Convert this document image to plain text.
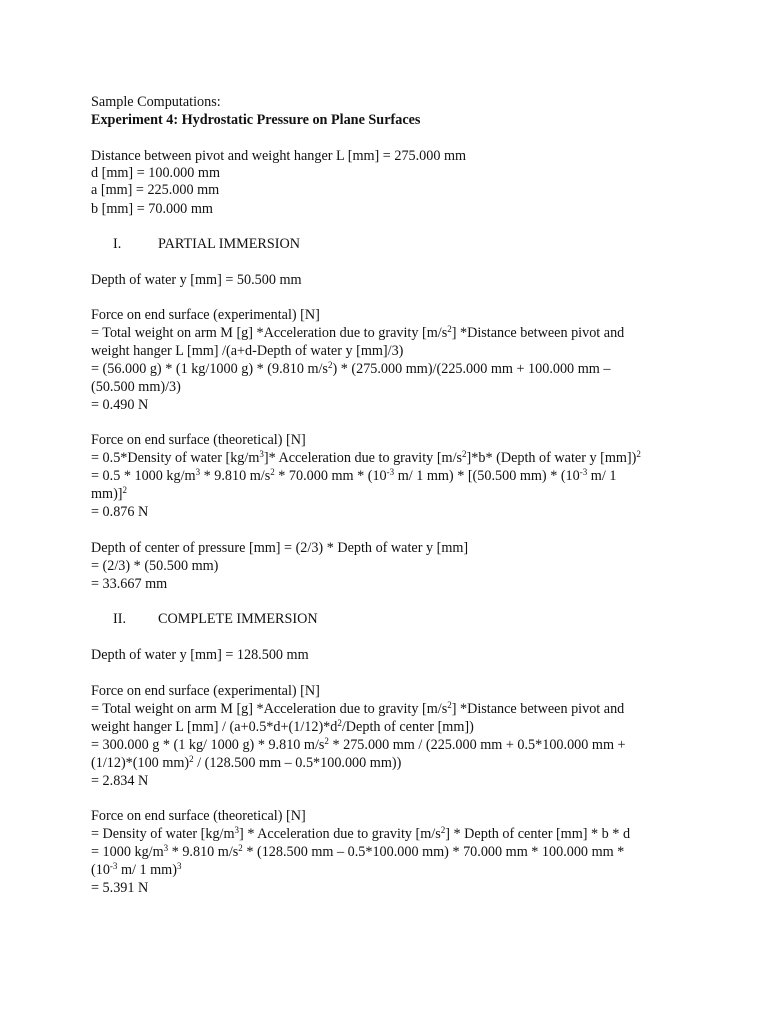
Sample Computations:
Experiment 4: Hydrostatic Pressure on Plane Surfaces
Distance between pivot and weight hanger L [mm] = 275.000 mm
d [mm] = 100.000 mm
a [mm] = 225.000 mm
b [mm] = 70.000 mm
I.	PARTIAL IMMERSION
Depth of water y [mm] = 50.500 mm
Force on end surface (experimental) [N]
= Total weight on arm M [g] *Acceleration due to gravity $[m/s^2]$ *Distance between pivot and
weight hanger L [mm] /(a+d-Depth of water y [mm]/3)
= (56.000 g) * (1 kg/1000 g) * (9.810 $m/s^2) * (275.000$ mm)/(225.000 mm + 100.000 mm –
(50.500 mm)/3)
= 0.490 N
Force on end surface (theoretical) [N]
= 0.5*Density of water $[kg/m^3]*$ Acceleration due to gravity $[m/s^2]*b*$ (Depth of water y [mm])$^2$
= 0.5 * 1000 $kg/m^3 * 9.810$ $m/s^2 * 70.000$ mm * ($10^{-3}$ m/ 1 mm) * [(50.500 $mm) * (10^{-3}$ m/ 1
mm)]$^2$
= 0.876 N
Depth of center of pressure [mm] = (2/3) * Depth of water y [mm]
= (2/3) * (50.500 mm)
= 33.667 mm
II. COMPLETE IMMERSION
Depth of water y [mm] = 128.500 mm
Force on end surface (experimental) [N]
= Total weight on arm M [g] *Acceleration due to gravity $[m/s^2]$ *Distance between pivot and
weight hanger L $[mm] / (a+0.5*d+(1/12)*d^2$/Depth of center [mm])
= 300.000 g * (1 kg/ 1000 g) * 9.810 $m/s^2 * 275.000$ mm / (225.000 mm + 0.5*100.000 mm +
(1/12)*(100 mm)$^2$ / (128.500 mm – 0.5*100.000 mm))
= 2.834 N
Force on end surface (theoretical) [N]
= Density of water $[kg/m^3]$ * Acceleration due to gravity $[m/s^2]$ * Depth of center [mm] * b * d
= 1000 $kg/m^3 * 9.810$ $m/s^2 * (128.500$ mm – 0.5*100.000 mm) * 70.000 mm * 100.000 mm *
($10^{-3}$ m/ 1 mm)$^3$
= 5.391 N
